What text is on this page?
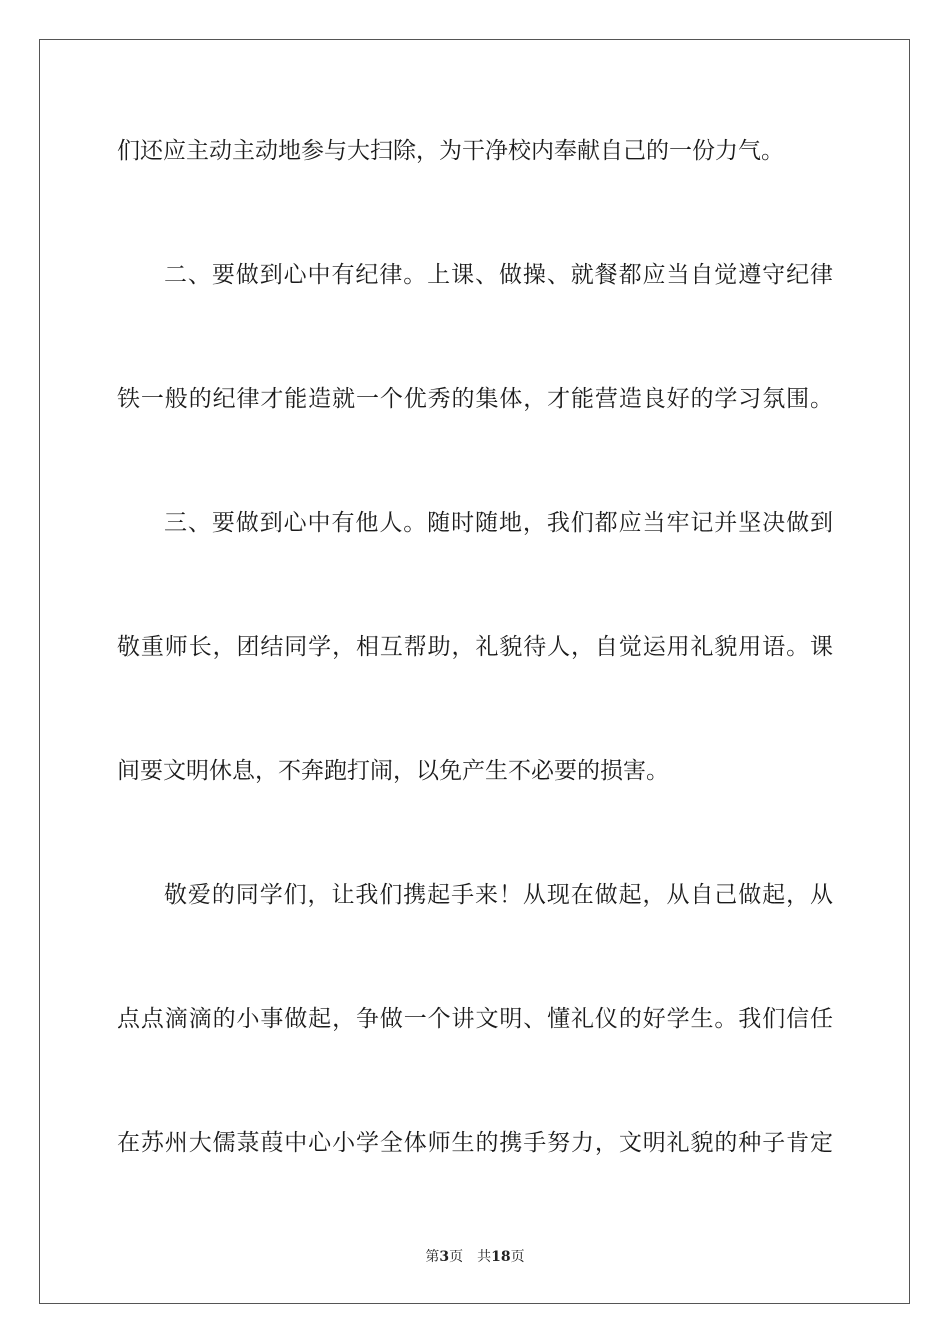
们还应主动主动地参与大扫除，为干净校内奉献自己的一份力气。
二、要做到心中有纪律。上课、做操、就餐都应当自觉遵守纪律
铁一般的纪律才能造就一个优秀的集体，才能营造良好的学习氛围。
三、要做到心中有他人。随时随地，我们都应当牢记并坚决做到
敬重师长，团结同学，相互帮助，礼貌待人，自觉运用礼貌用语。课
间要文明休息，不奔跑打闹，以免产生不必要的损害。
敬爱的同学们，让我们携起手来！从现在做起，从自己做起，从
点点滴滴的小事做起，争做一个讲文明、懂礼仪的好学生。我们信任
在苏州大儒菉葭中心小学全体师生的携手努力，文明礼貌的种子肯定
第3页 共18页
